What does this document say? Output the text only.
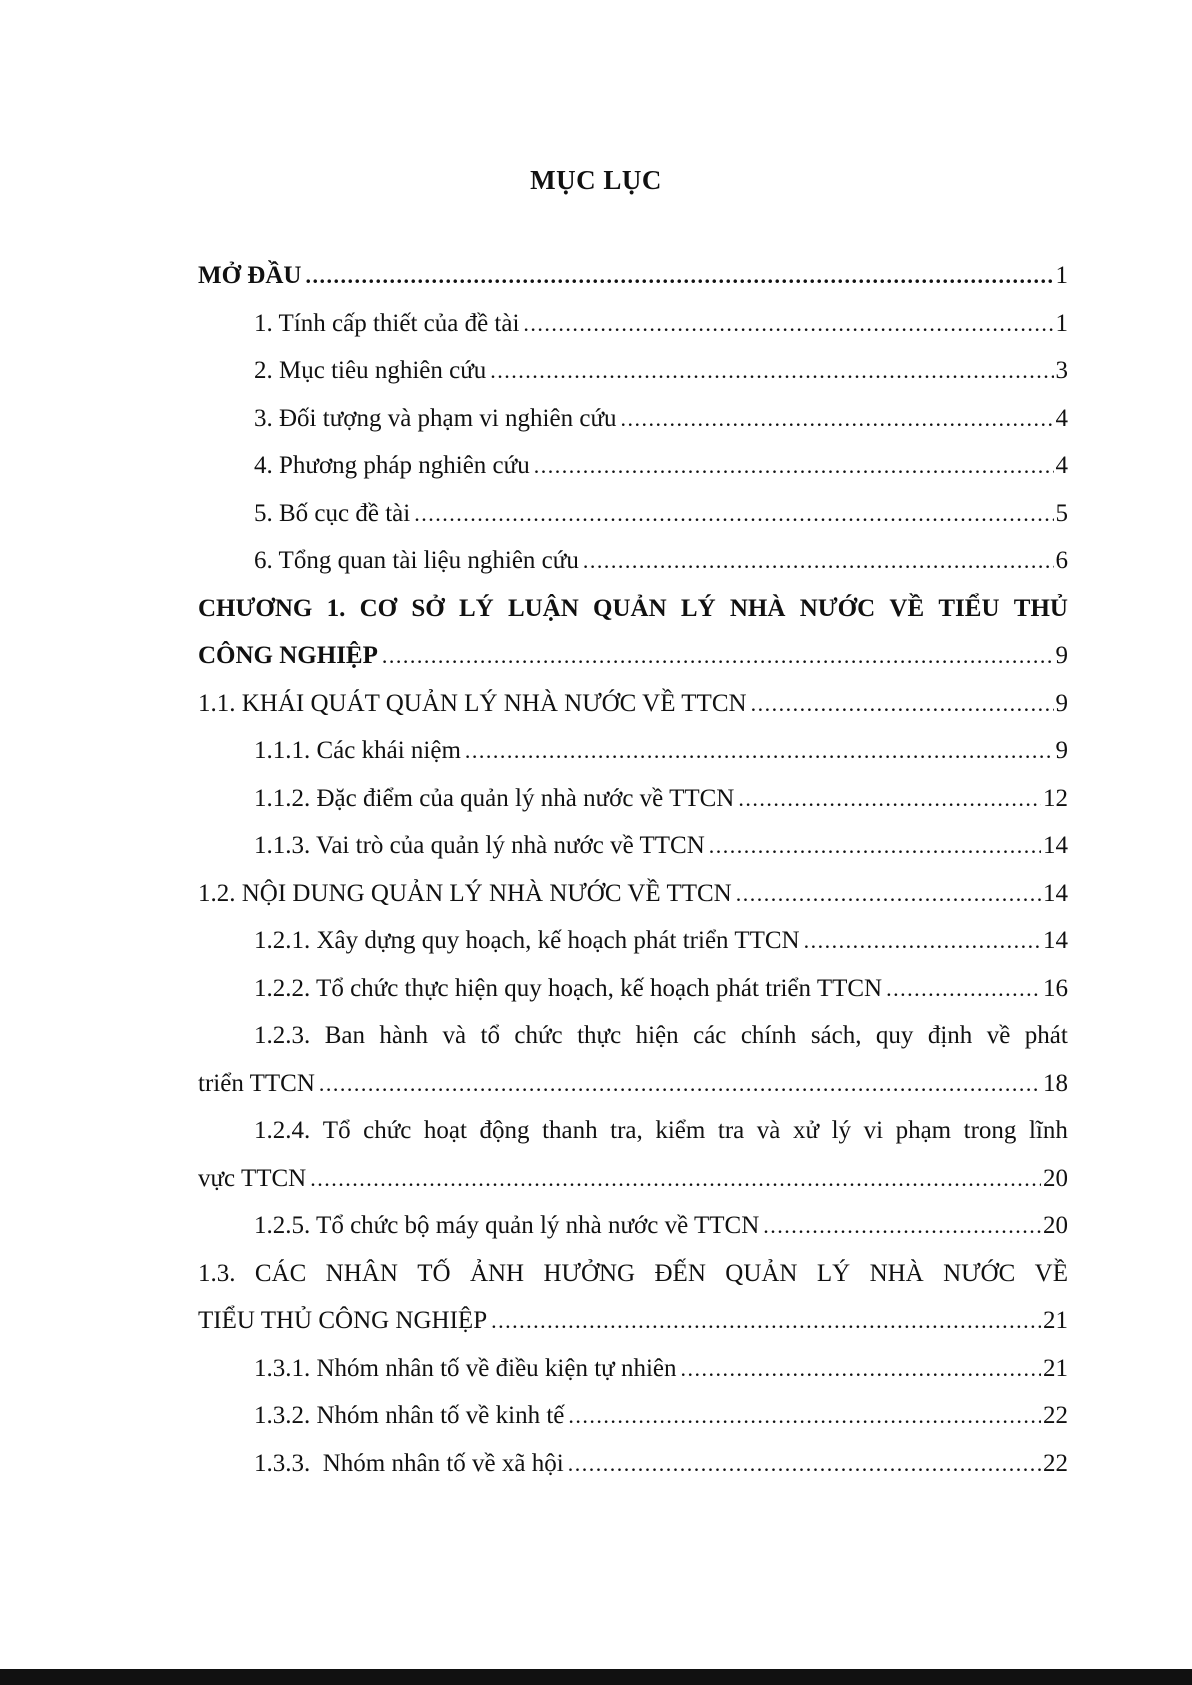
MỤC LỤC
MỞ ĐẦU .....	1
1. Tính cấp thiết của đề tài .....	1
2. Mục tiêu nghiên cứu .....	3
3. Đối tượng và phạm vi nghiên cứu .....	4
4. Phương pháp nghiên cứu .....	4
5. Bố cục đề tài .....	5
6. Tổng quan tài liệu nghiên cứu .....	6
CHƯƠNG 1. CƠ SỞ LÝ LUẬN QUẢN LÝ NHÀ NƯỚC VỀ TIỂU THỦ
CÔNG NGHIỆP .....	9
1.1. KHÁI QUÁT QUẢN LÝ NHÀ NƯỚC VỀ TTCN .....	9
1.1.1. Các khái niệm .....	9
1.1.2. Đặc điểm của quản lý nhà nước về TTCN .....	12
1.1.3. Vai trò của quản lý nhà nước về TTCN .....	14
1.2. NỘI DUNG QUẢN LÝ NHÀ NƯỚC VỀ TTCN .....	14
1.2.1. Xây dựng quy hoạch, kế hoạch phát triển TTCN .....	14
1.2.2. Tổ chức thực hiện quy hoạch, kế hoạch phát triển TTCN .....	16
1.2.3. Ban hành và tổ chức thực hiện các chính sách, quy định về phát
triển TTCN .....	18
1.2.4. Tổ chức hoạt động thanh tra, kiểm tra và xử lý vi phạm trong lĩnh
vực TTCN .....	20
1.2.5. Tổ chức bộ máy quản lý nhà nước về TTCN .....	20
1.3. CÁC NHÂN TỐ ẢNH HƯỞNG ĐẾN QUẢN LÝ NHÀ NƯỚC VỀ
TIỂU THỦ CÔNG NGHIỆP .....	21
1.3.1. Nhóm nhân tố về điều kiện tự nhiên .....	21
1.3.2. Nhóm nhân tố về kinh tế .....	22
1.3.3.  Nhóm nhân tố về xã hội .....	22
